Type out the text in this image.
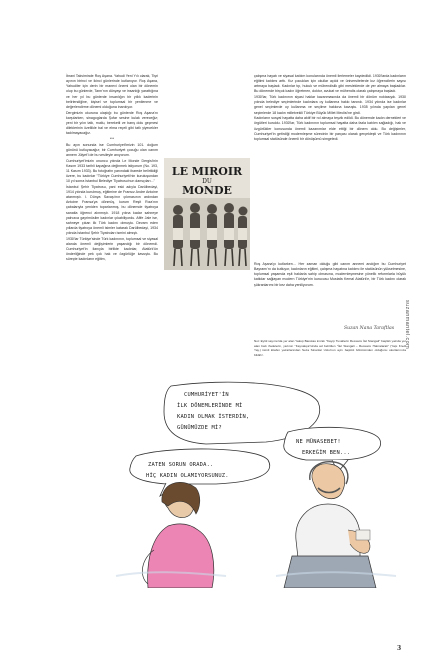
İbrani Takviminde Roş Aşana. Yahudi Yeni Yılı olarak, Tişri ayının birinci ve ikinci günlerinde kutlanıyor. Roş Aşana, Yahudiler için derin bir manevi önemi olan bir dönemin olup bu günlerde, Tanrı'nın dünyayı ve insanlığı yarattığına ve her yıl bu günlerde insanlığın bir yıllık kaderinin belirlendiğine, kişisel ve toplumsal bir yenilenme ve değerlendirme dönemi olduğuna inanılıyor.

Dergimizin okuruna ulaştığı bu günlerde Roş Aşana'nı karşılarken, sinagoglarda Şofar sesine kulak vereceğiz; yeni bir yılın tatlı, mutlu, bereketli ve barış dolu geçmesi dileklerinin özellikle bal ve elma reçeli gibi tatlı yiyecekler tadılmayacağız.

***

Bu ayın sonunda ise Cumhuriyet'imizin 101. doğum gününü kutluyacağız; bir Cumhuriyet çocuğu olan canım annem Jülyet'i de bu vesileyle anıyorum.

Cumhuriyet'imizin onuncu yılında Le Monde Dergisi'nin Kasım 1933 tarihli kapağına değinmek istiyorum (No. 193, 11 Kasım 1933). Bu fotoğrafın yanındaki ibarede belirtildiği üzere, bu kadınlar "Türkiye Cumhuriyeti'nin kuruluşundan 10 yıl sonra İstanbul Belediye Tiyatrosu'nun dansçıları..."

İstanbul Şehir Tiyatrosu, yani eski adıyla Darülbedayi, 1914 yılında kurulmuş, eğitimine de Fransız Andre Antoine atanmıştı. I. Dünya Savaşı'nın çıkmasının ardından Antoine Fransa'ya dönmüş, kurum Reşit Rıza'nın çabalarıyla yeniden toparlanmış, bu dönemde tiyatroya sanatla öğrenci alınmıştı. 1918 yılına kadar sahneye yalnızca gayrimüslim kadınlar çıkabiliyordu. Afife Jale ise, sahneye çıkan ilk Türk kadını olmuştu. Devam eden yıllarda tiyatroya önemli isimler katarak Darülbedayi, 1934 yılında İstanbul Şehir Tiyatroları ismini almıştı.

1930'lar Türkiye'sinde Türk kadınının, toplumsal ve siyasal alanda önemli değişimlerin yaşandığı bir dönemdi. Cumhuriyet'in ilanıyla birlikte kadınlar, Atatürk'ün önderliğinde pek çok hak ve özgürlüğe kavuştu. Bu süreçte kadınların eğitim,

LE MIROIR
DU
MONDE

çalışma hayatı ve siyasal katılım konularında önemli ilerlemeler kaydedildi. 1930'larda kadınların eğitimi katılımı arttı. Kız çocukları için okullar açıldı ve üniversitelerde kız öğrencilerin sayısı artmaya başladı. Kadınlar tıp, hukuk ve mühendislik gibi mesleklerde de yer almaya başladılar. Bu dönemde birçok kadın öğretmen, doktor, avukat ve mühendis olarak çalışmaya başladı.

1930'lar, Türk kadınının siyasi haklar kazanmasında da önemli bir dönüm noktasıydı. 1930 yılında belediye seçimlerinde kadınlara oy kullanma hakkı tanındı. 1934 yılında ise kadınlar genel seçimlerde oy kullanma ve seçilme hakkına kavuştu. 1935 yılında yapılan genel seçimlerde 18 kadın milletvekili Türkiye Büyük Millet Meclisi'ne girdi.

Kadınların sosyal hayatta daha aktif bir rol almaya teşvik edildi. Bu dönemde kadın dernekleri ve örgütleri kuruldu. 1930'lar, Türk kadınının toplumsal hayatta daha fazla katılım sağladığı, hak ve özgürlükler konusunda önemli kazanımlar elde ettiği bir dönem oldu. Bu değişimler, Cumhuriyet'in getirdiği modernleşme sürecinin bir parçası olarak gerçekleşti ve Türk kadınının toplumsal statüsünde önemli bir dönüşümü simgeledi.

Roş Aşana'yı kutlarken… Her zaman olduğu gibi canım annemi andığım bu Cumhuriyet Bayramı'nı da kutluyor, kadınların eğitimi, çalışma hayatına katılımı ile statüsünün yükselmesine, toplumsal yaşamda eşit haklarla sahip olmasına, modernleşmesine yönelik reformlarla büyük katkılar sağlayan modern Türkiye'nin kurucusu Mustafa Kemal Atatürk'e, bir Türk kadını olarak şükranlarımı bir kez daha yeniliyorum.

Suzan Nana Taraftlas
Not: Eylül sayımızda yer alan Yakup Barokas imzalı "Kayıp Tuvallerin Ressamı İlel Stangali" başlıklı yazıda yer alan bazı ifadelerin, yazının "Kaynakça"sinda ad belirtilen "İlel Stangali – Ressamı Hatıralarak" (Yapı Kredi Yay.) isimli kitabın yazarlarından Seza Sinanlar Uslu'nun aynı başlıklı bölümünden olduğunu okurlarımıza bildiriz.
CUMHURİYET'İN
İLK DÖNEMLERİNDE Mİ
KADIN OLMAK İSTERDİN,
GÜNÜMÜZDE Mİ?
ZATEN SORUN ORADA..
HİÇ KADIN OLAMIYORSUNUZ.
NE MÜNASEBET!
ERKEĞİM BEN...
suzanmantel.com
3
